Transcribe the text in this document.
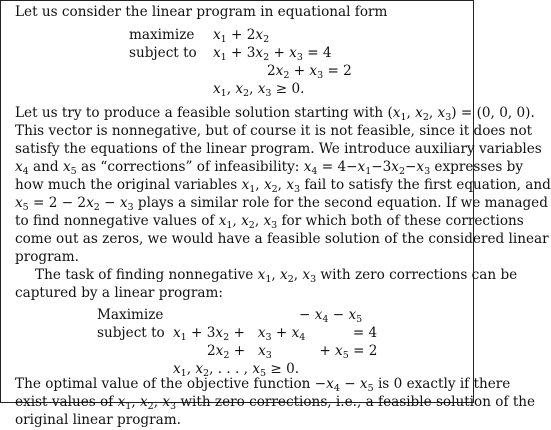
Let us consider the linear program in equational form
maximize $x_1 + 2x_2$
subject to $x_1 + 3x_2 + x_3 = 4$
$2x_2 + x_3 = 2$
$x_1$, $x_2$, $x_3 \ge 0$.
Let us try to produce a feasible solution starting with ($x_1$, $x_2$, $x_3) = (0$, 0, 0).
This vector is nonnegative, but of course it is not feasible, since it does not
satisfy the equations of the linear program. We introduce auxiliary variables
$x_4$ and $x_5$ as “corrections” of infeasibility: $x_4 = 4-x_1-3x_2-x_3$ expresses by
how much the original variables $x_1$, $x_2$, $x_3$ fail to satisfy the first equation, and
$x_5 = 2 - 2x_2 - x_3$ plays a similar role for the second equation. If we managed
to find nonnegative values of $x_1$, $x_2$, $x_3$ for which both of these corrections
come out as zeros, we would have a feasible solution of the considered linear
program.
The task of finding nonnegative $x_1$, $x_2$, $x_3$ with zero corrections can be
captured by a linear program:
Maximize	− $x_4 - x_5$
subject to $x_1 + 3x_2 + x_3 + x_4$           = 4
$2x_2 + x_3$           + $x_5 = 2$
$x_1$, $x_2$, . . . , $x_5 \ge 0$.
The optimal value of the objective function $-x_4 - x_5$ is 0 exactly if there
exist values of $x_1$, $x_2$, $x_3$ with zero corrections, i.e., a feasible solution of the
original linear program.
